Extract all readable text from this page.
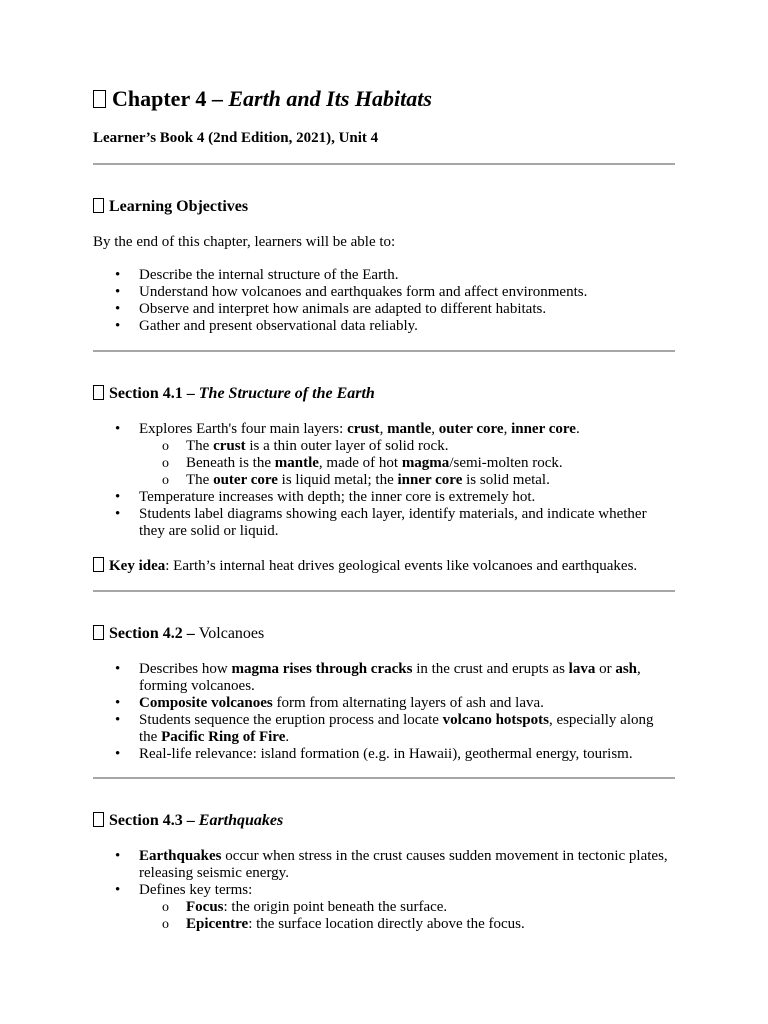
Chapter 4 – Earth and Its Habitats

Learner’s Book 4 (2nd Edition, 2021), Unit 4

Learning Objectives

By the end of this chapter, learners will be able to:

• Describe the internal structure of the Earth.
• Understand how volcanoes and earthquakes form and affect environments.
• Observe and interpret how animals are adapted to different habitats.
• Gather and present observational data reliably.
Section 4.1 – The Structure of the Earth
• Explores Earth's four main layers: crust, mantle, outer core, inner core.
o The crust is a thin outer layer of solid rock.
o Beneath is the mantle, made of hot magma/semi-molten rock.
o The outer core is liquid metal; the inner core is solid metal.
• Temperature increases with depth; the inner core is extremely hot.
• Students label diagrams showing each layer, identify materials, and indicate whether they are solid or liquid.

Key idea: Earth’s internal heat drives geological events like volcanoes and earthquakes.

Section 4.2 – Volcanoes
• Describes how magma rises through cracks in the crust and erupts as lava or ash, forming volcanoes.
• Composite volcanoes form from alternating layers of ash and lava.
• Students sequence the eruption process and locate volcano hotspots, especially along the Pacific Ring of Fire.
• Real-life relevance: island formation (e.g. in Hawaii), geothermal energy, tourism.
Section 4.3 – Earthquakes
• Earthquakes occur when stress in the crust causes sudden movement in tectonic plates, releasing seismic energy.
• Defines key terms:
o Focus: the origin point beneath the surface.
o Epicentre: the surface location directly above the focus.
